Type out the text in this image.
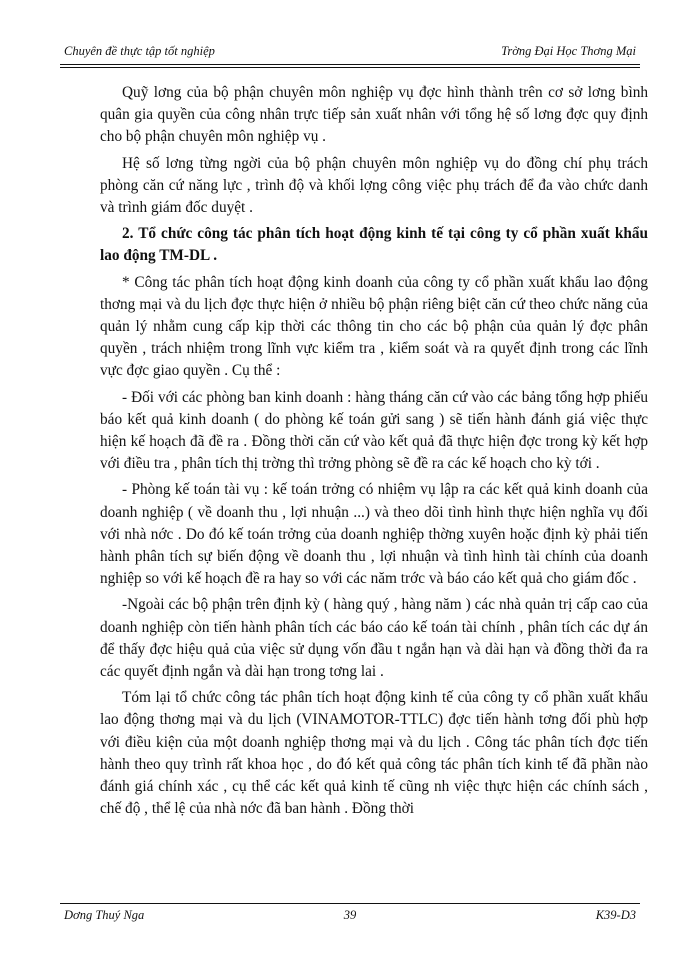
Chuyên đề thực tập tốt nghiệp	Trờng Đại Học Thơng Mại

Quỹ lơng của bộ phận chuyên môn nghiệp vụ đợc hình thành trên cơ sở lơng bình quân gia quyền của công nhân trực tiếp sản xuất nhân với tổng hệ số lơng đợc quy định cho bộ phận chuyên môn nghiệp vụ .

Hệ số lơng từng ngời của bộ phận chuyên môn nghiệp vụ do đồng chí phụ trách phòng căn cứ năng lực , trình độ và khối lợng công việc phụ trách để đa vào chức danh và trình giám đốc duyệt .

2. Tổ chức công tác phân tích hoạt động kinh tế tại công ty cổ phần xuất khẩu lao động TM-DL .

* Công tác phân tích hoạt động kinh doanh của công ty cổ phần xuất khẩu lao động thơng mại và du lịch đợc thực hiện ở nhiều bộ phận riêng biệt căn cứ theo chức năng của quản lý nhằm cung cấp kịp thời các thông tin cho các bộ phận của quản lý đợc phân quyền , trách nhiệm trong lĩnh vực kiểm tra , kiểm soát và ra quyết định trong các lĩnh vực đợc giao quyền . Cụ thể :

- Đối với các phòng ban kinh doanh : hàng tháng căn cứ vào các bảng tổng hợp phiếu báo kết quả kinh doanh ( do phòng kế toán gửi sang ) sẽ tiến hành đánh giá việc thực hiện kế hoạch đã đề ra . Đồng thời căn cứ vào kết quả đã thực hiện đợc trong kỳ kết hợp với điều tra , phân tích thị trờng thì trởng phòng sẽ đề ra các kế hoạch cho kỳ tới .

- Phòng kế toán tài vụ : kế toán trởng có nhiệm vụ lập ra các kết quả kinh doanh của doanh nghiệp ( về doanh thu , lợi nhuận ...) và theo dõi tình hình thực hiện nghĩa vụ đối với nhà nớc . Do đó kế toán trởng của doanh nghiệp thờng xuyên hoặc định kỳ phải tiến hành phân tích sự biến động về doanh thu , lợi nhuận và tình hình tài chính của doanh nghiệp so với kế hoạch đề ra hay so với các năm trớc và báo cáo kết quả cho giám đốc .

-Ngoài các bộ phận trên định kỳ ( hàng quý , hàng năm ) các nhà quản trị cấp cao của doanh nghiệp còn tiến hành phân tích các báo cáo kế toán tài chính , phân tích các dự án để thấy đợc hiệu quả của việc sử dụng vốn đầu t ngắn hạn và dài hạn và đồng thời đa ra các quyết định ngắn và dài hạn trong tơng lai .

Tóm lại tổ chức công tác phân tích hoạt động kinh tế của công ty cổ phần xuất khẩu lao động thơng mại và du lịch (VINAMOTOR-TTLC) đợc tiến hành tơng đối phù hợp với điều kiện của một doanh nghiệp thơng mại và du lịch . Công tác phân tích đợc tiến hành theo quy trình rất khoa học , do đó kết quả công tác phân tích kinh tế đã phần nào đánh giá chính xác , cụ thể các kết quả kinh tế cũng nh việc thực hiện các chính sách , chế độ , thể lệ của nhà nớc đã ban hành . Đồng thời

Dơng Thuý Nga	39	K39-D3
